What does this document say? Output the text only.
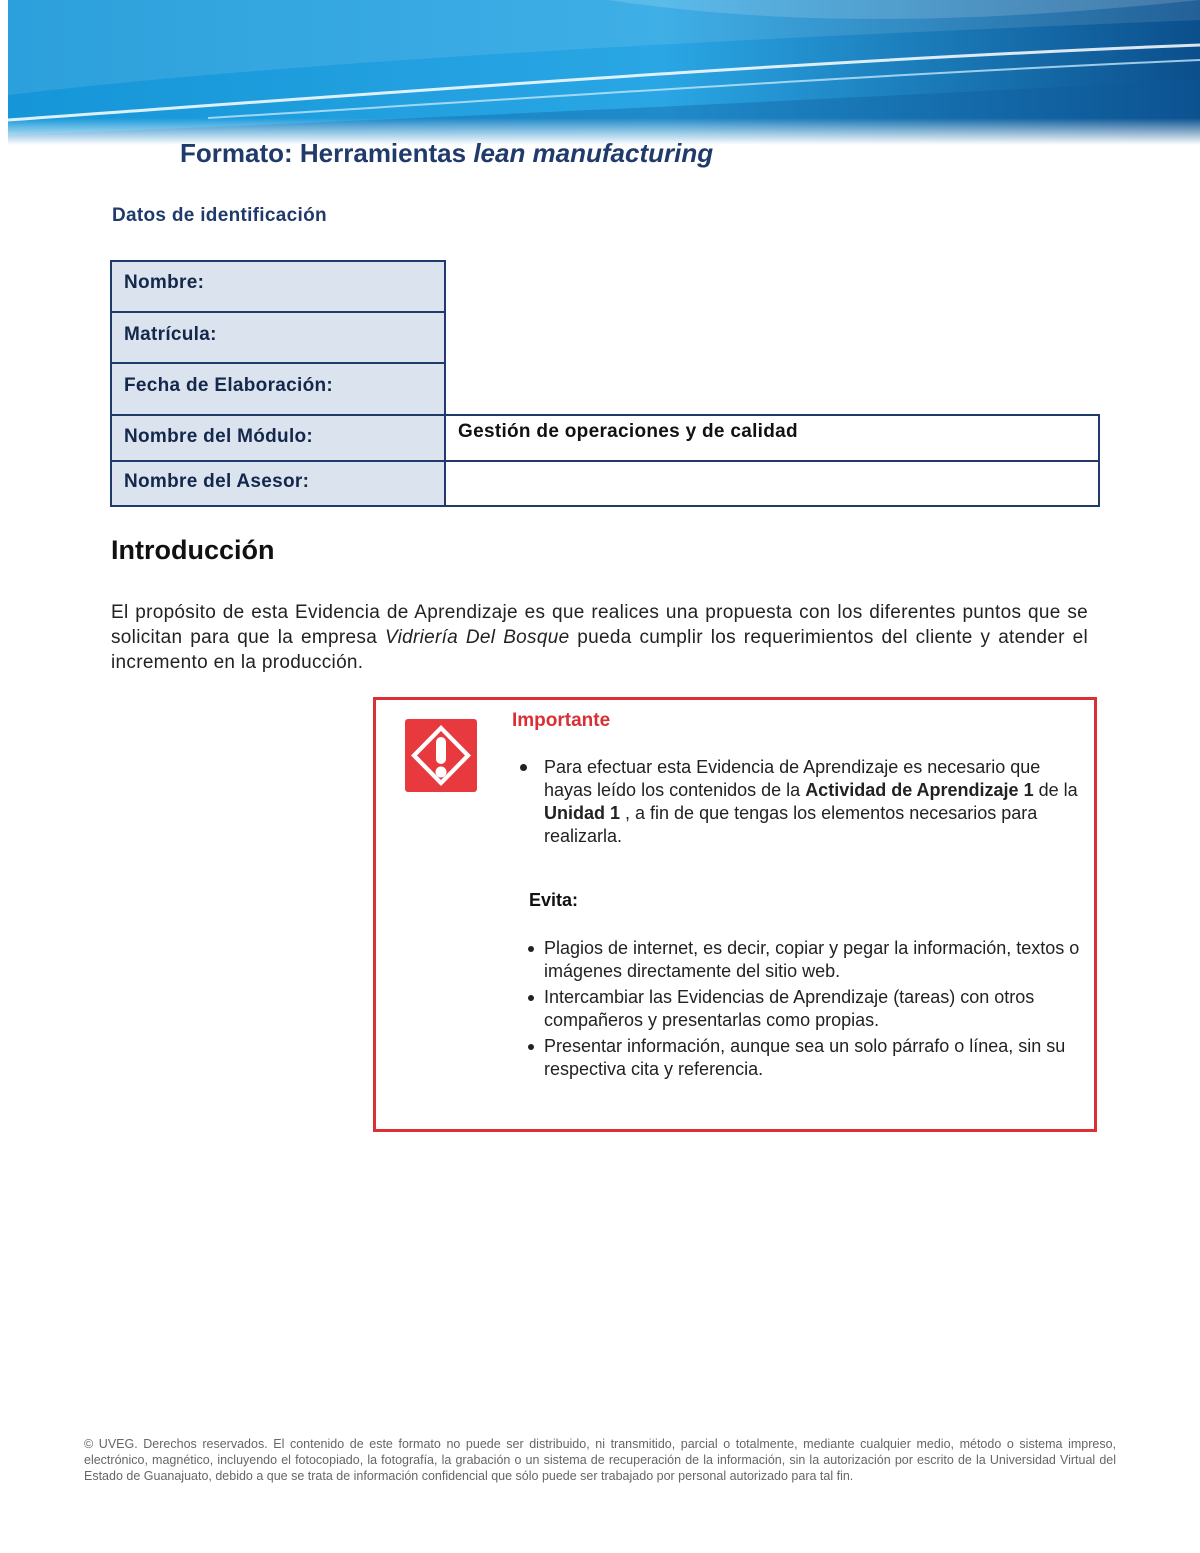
Formato: Herramientas lean manufacturing
Datos de identificación
Nombre:
Matrícula:
Fecha de Elaboración:
Nombre del Módulo:	Gestión de operaciones y de calidad
Nombre del Asesor:
Introducción
El propósito de esta Evidencia de Aprendizaje es que realices una propuesta con los diferentes puntos que se solicitan para que la empresa Vidriería Del Bosque pueda cumplir los requerimientos del cliente y atender el incremento en la producción.
Importante
Para efectuar esta Evidencia de Aprendizaje es necesario que hayas leído los contenidos de la Actividad de Aprendizaje 1 de la Unidad 1 , a fin de que tengas los elementos necesarios para realizarla.
Evita:
Plagios de internet, es decir, copiar y pegar la información, textos o imágenes directamente del sitio web.
Intercambiar las Evidencias de Aprendizaje (tareas) con otros compañeros y presentarlas como propias.
Presentar información, aunque sea un solo párrafo o línea, sin su respectiva cita y referencia.
© UVEG. Derechos reservados. El contenido de este formato no puede ser distribuido, ni transmitido, parcial o totalmente, mediante cualquier medio, método o sistema impreso, electrónico, magnético, incluyendo el fotocopiado, la fotografía, la grabación o un sistema de recuperación de la información, sin la autorización por escrito de la Universidad Virtual del Estado de Guanajuato, debido a que se trata de información confidencial que sólo puede ser trabajado por personal autorizado para tal fin.
